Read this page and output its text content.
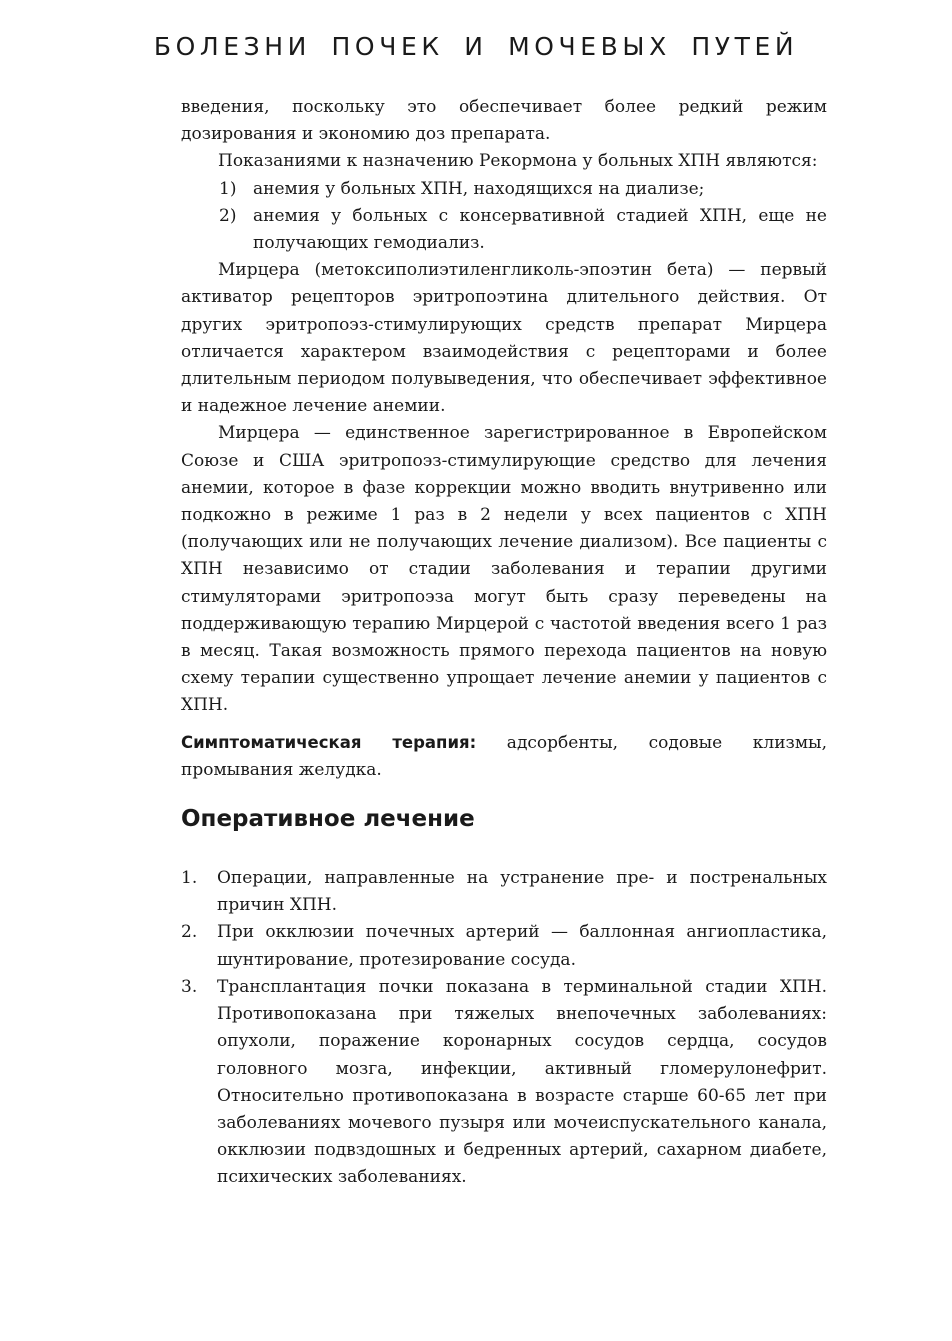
БОЛЕЗНИ ПОЧЕК И МОЧЕВЫХ ПУТЕЙ

введения, поскольку это обеспечивает более редкий режим дозирования и экономию доз препарата.

Показаниями к назначению Рекормона у больных ХПН являются:

1) анемия у больных ХПН, находящихся на диализе;
2) анемия у больных с консервативной стадией ХПН, еще не получающих гемодиализ.

Мирцера (метоксиполиэтиленгликоль-эпоэтин бета) — первый активатор рецепторов эритропоэтина длительного действия. От других эритропоэз-стимулирующих средств препарат Мирцера отличается характером взаимодействия с рецепторами и более длительным периодом полувыведения, что обеспечивает эффективное и надежное лечение анемии.

Мирцера — единственное зарегистрированное в Европейском Союзе и США эритропоэз-стимулирующие средство для лечения анемии, которое в фазе коррекции можно вводить внутривенно или подкожно в режиме 1 раз в 2 недели у всех пациентов с ХПН (получающих или не получающих лечение диализом). Все пациенты с ХПН независимо от стадии заболевания и терапии другими стимуляторами эритропоэза могут быть сразу переведены на поддерживающую терапию Мирцерой с частотой введения всего 1 раз в месяц. Такая возможность прямого перехода пациентов на новую схему терапии существенно упрощает лечение анемии у пациентов с ХПН.

Симптоматическая терапия: адсорбенты, содовые клизмы, промывания желудка.

Оперативное лечение
1. Операции, направленные на устранение пре- и постренальных причин ХПН.
2. При окклюзии почечных артерий — баллонная ангиопластика, шунтирование, протезирование сосуда.
3. Трансплантация почки показана в терминальной стадии ХПН. Противопоказана при тяжелых внепочечных заболеваниях: опухоли, поражение коронарных сосудов сердца, сосудов головного мозга, инфекции, активный гломерулонефрит. Относительно противопоказана в возрасте старше 60-65 лет при заболеваниях мочевого пузыря или мочеиспускательного канала, окклюзии подвздошных и бедренных артерий, сахарном диабете, психических заболеваниях.
